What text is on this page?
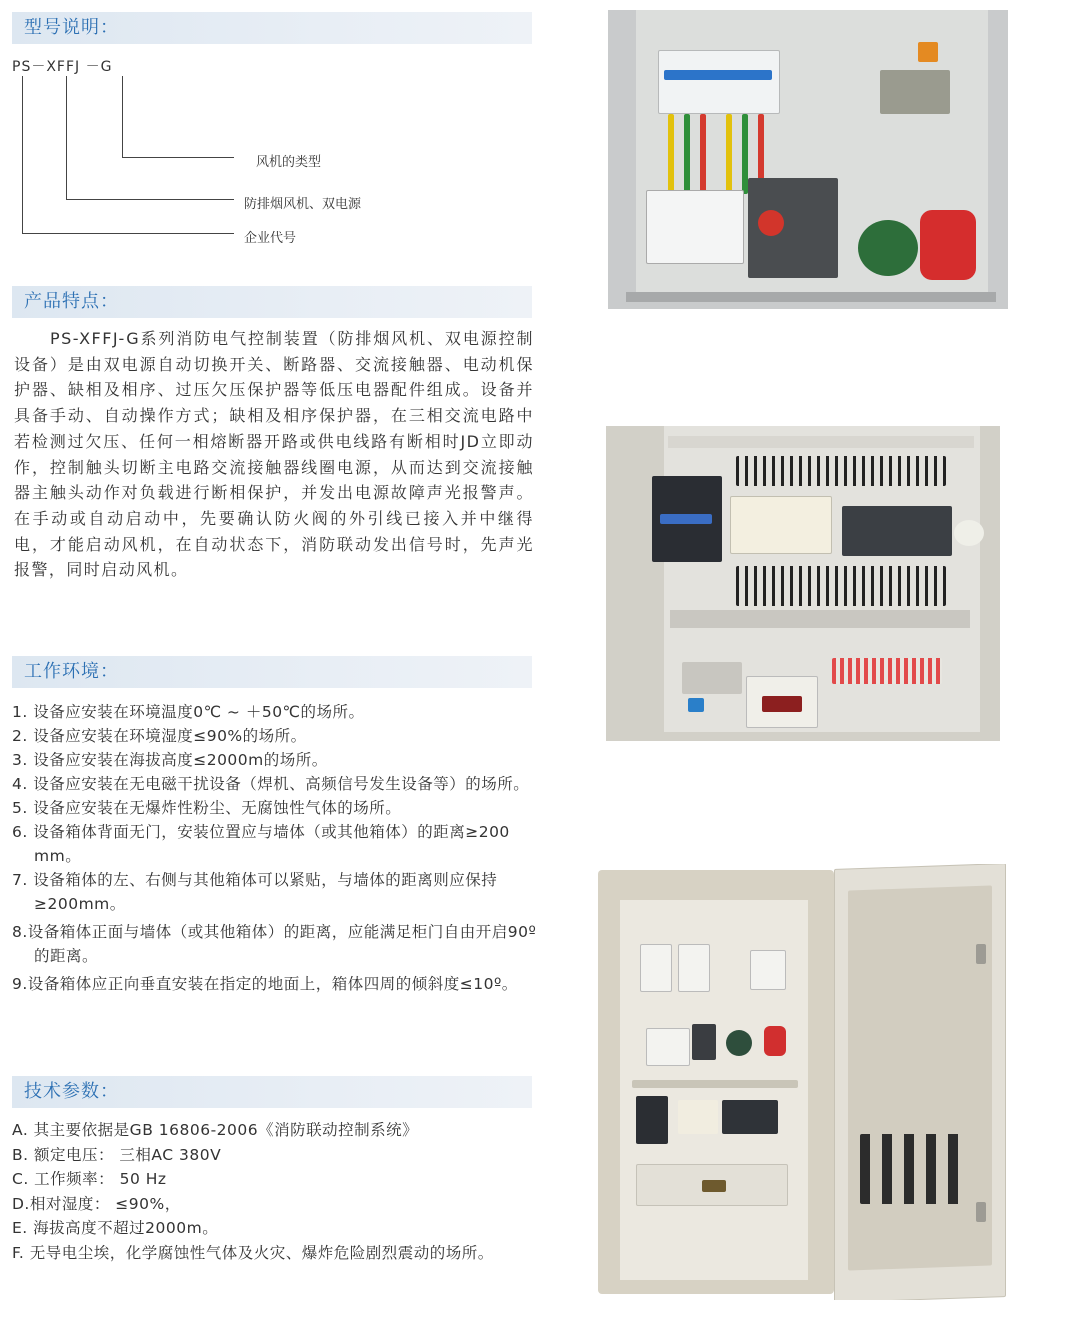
型号说明：
PS－XFFJ －G
风机的类型
防排烟风机、双电源
企业代号
产品特点：

PS-XFFJ-G系列消防电气控制装置（防排烟风机、双电源控制设备）是由双电源自动切换开关、断路器、交流接触器、电动机保护器、缺相及相序、过压欠压保护器等低压电器配件组成。设备并具备手动、自动操作方式；缺相及相序保护器，在三相交流电路中若检测过欠压、任何一相熔断器开路或供电线路有断相时JD立即动作，控制触头切断主电路交流接触器线圈电源，从而达到交流接触器主触头动作对负载进行断相保护，并发出电源故障声光报警声。在手动或自动启动中，先要确认防火阀的外引线已接入并中继得电，才能启动风机，在自动状态下，消防联动发出信号时，先声光报警，同时启动风机。

工作环境：
1. 设备应安装在环境温度0℃ ~ ＋50℃的场所。
2. 设备应安装在环境湿度≤90%的场所。
3. 设备应安装在海拔高度≤2000m的场所。
4. 设备应安装在无电磁干扰设备（焊机、高频信号发生设备等）的场所。
5. 设备应安装在无爆炸性粉尘、无腐蚀性气体的场所。
6. 设备箱体背面无门，安装位置应与墙体（或其他箱体）的距离≥200 mm。
7. 设备箱体的左、右侧与其他箱体可以紧贴，与墙体的距离则应保持≥200mm。
8.设备箱体正面与墙体（或其他箱体）的距离，应能满足柜门自由开启90º的距离。
9.设备箱体应正向垂直安装在指定的地面上，箱体四周的倾斜度≤10º。
技术参数：
A. 其主要依据是GB 16806-2006《消防联动控制系统》
B. 额定电压： 三相AC 380V
C. 工作频率： 50 Hz
D.相对湿度： ≤90%，
E. 海拔高度不超过2000m。
F. 无导电尘埃，化学腐蚀性气体及火灾、爆炸危险剧烈震动的场所。
